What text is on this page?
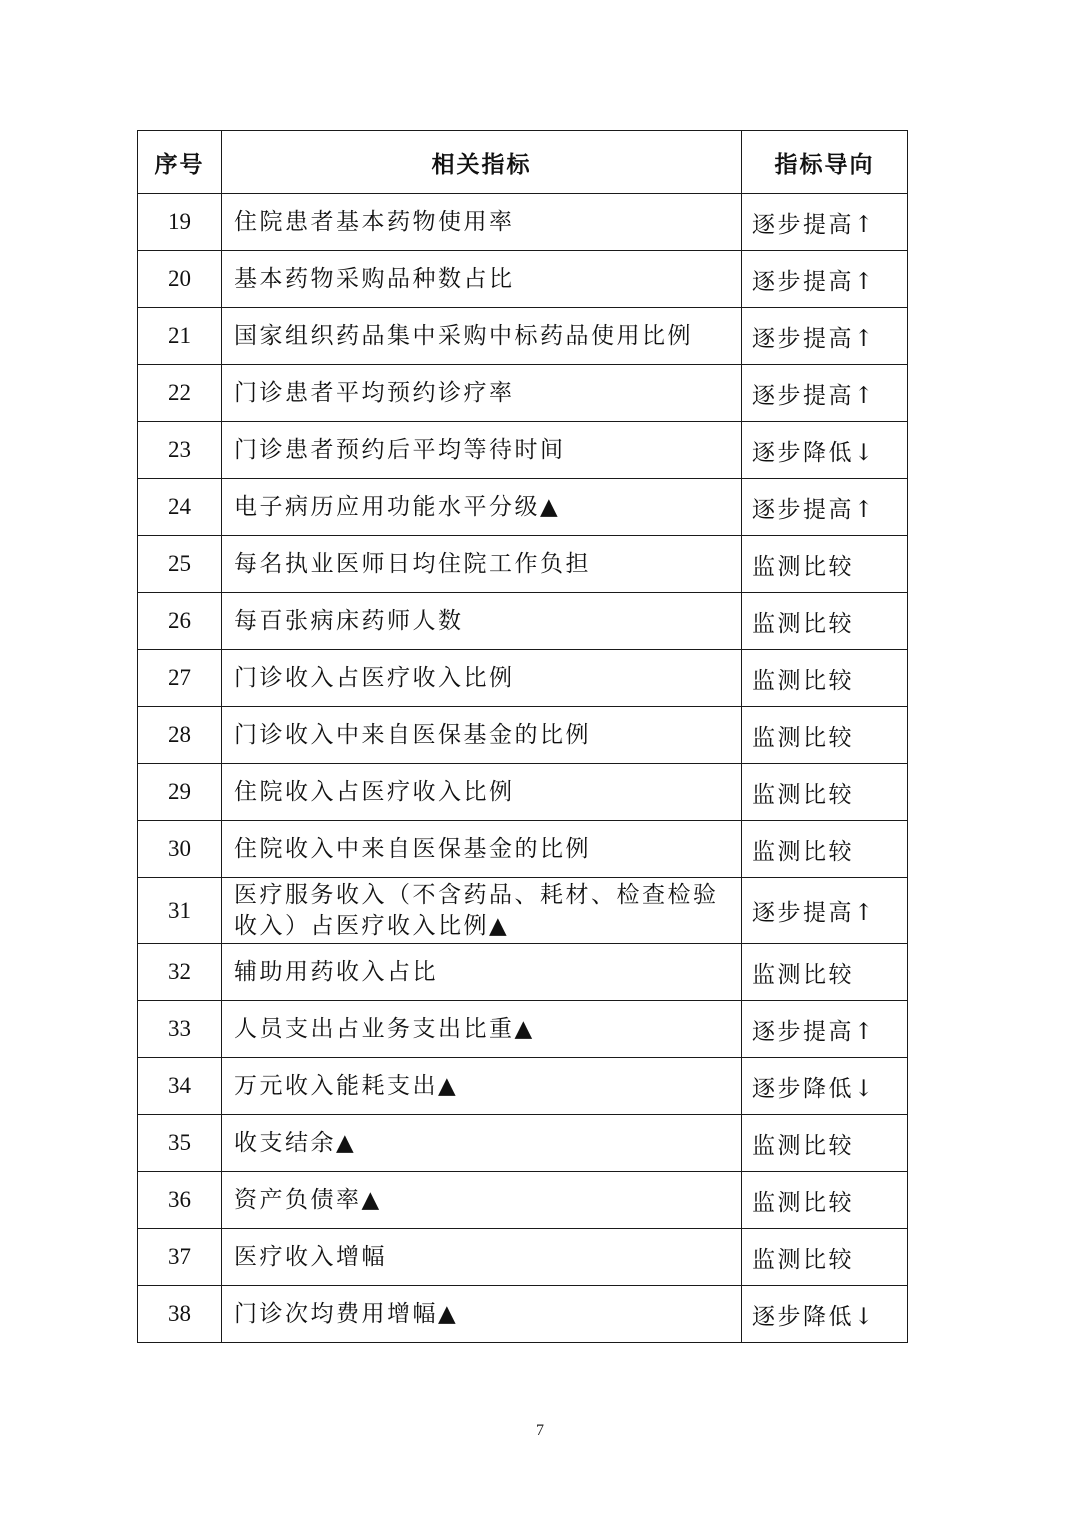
序号	相关指标	指标导向
19	住院患者基本药物使用率	逐步提高↑
20	基本药物采购品种数占比	逐步提高↑
21	国家组织药品集中采购中标药品使用比例	逐步提高↑
22	门诊患者平均预约诊疗率	逐步提高↑
23	门诊患者预约后平均等待时间	逐步降低↓
24	电子病历应用功能水平分级▲	逐步提高↑
25	每名执业医师日均住院工作负担	监测比较
26	每百张病床药师人数	监测比较
27	门诊收入占医疗收入比例	监测比较
28	门诊收入中来自医保基金的比例	监测比较
29	住院收入占医疗收入比例	监测比较
30	住院收入中来自医保基金的比例	监测比较
31	医疗服务收入（不含药品、耗材、检查检验收入）占医疗收入比例▲	逐步提高↑
32	辅助用药收入占比	监测比较
33	人员支出占业务支出比重▲	逐步提高↑
34	万元收入能耗支出▲	逐步降低↓
35	收支结余▲	监测比较
36	资产负债率▲	监测比较
37	医疗收入增幅	监测比较
38	门诊次均费用增幅▲	逐步降低↓
7
